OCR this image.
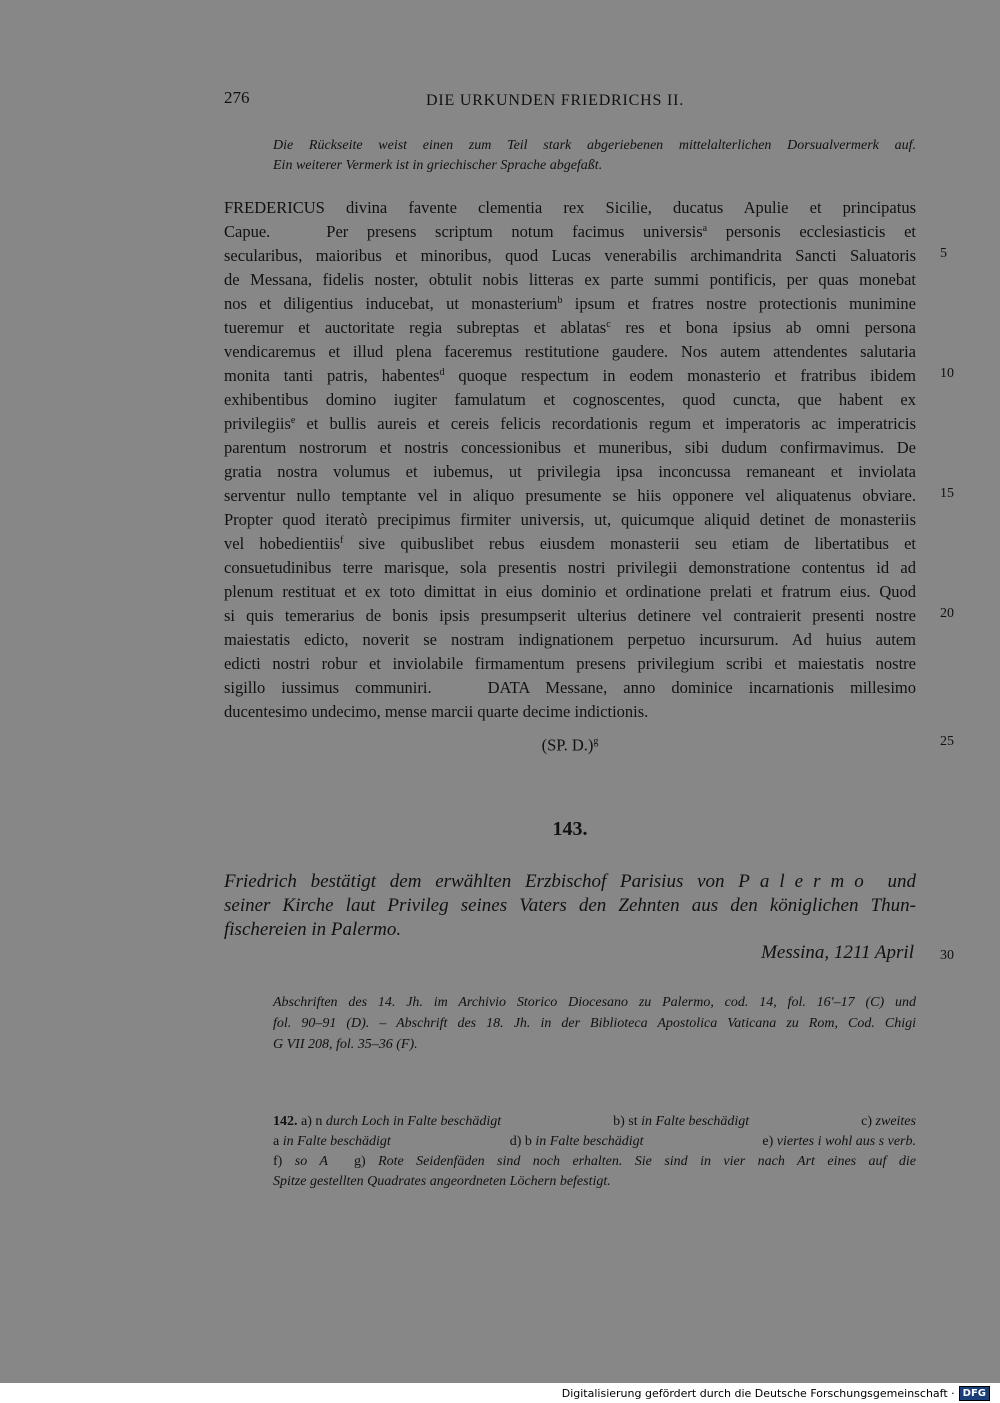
276	DIE URKUNDEN FRIEDRICHS II.
Die Rückseite weist einen zum Teil stark abgeriebenen mittelalterlichen Dorsualvermerk auf.
Ein weiterer Vermerk ist in griechischer Sprache abgefaßt.
FREDERICUS divina favente clementia rex Sicilie, ducatus Apulie et principatus
Capue.	Per presens scriptum notum facimus universis$^a$ personis ecclesiasticis et
secularibus, maioribus et minoribus, quod Lucas venerabilis archimandrita Sancti Saluatoris
de Messana, fidelis noster, obtulit nobis litteras ex parte summi pontificis, per quas monebat
nos et diligentius inducebat, ut monasterium$^b$ ipsum et fratres nostre protectionis munimine
tueremur et auctoritate regia subreptas et ablatas$^c$ res et bona ipsius ab omni persona
vendicaremus et illud plena faceremus restitutione gaudere. Nos autem attendentes salutaria
monita tanti patris, habentes$^d$ quoque respectum in eodem monasterio et fratribus ibidem
exhibentibus domino iugiter famulatum et cognoscentes, quod cuncta, que habent ex
privilegiis$^e$ et bullis aureis et cereis felicis recordationis regum et imperatoris ac imperatricis
parentum nostrorum et nostris concessionibus et muneribus, sibi dudum confirmavimus. De
gratia nostra volumus et iubemus, ut privilegia ipsa inconcussa remaneant et inviolata
serventur nullo temptante vel in aliquo presumente se hiis opponere vel aliquatenus obviare.
Propter quod iteratò precipimus firmiter universis, ut, quicumque aliquid detinet de monasteriis
vel hobedientiis$^f$ sive quibuslibet rebus eiusdem monasterii seu etiam de libertatibus et
consuetudinibus terre marisque, sola presentis nostri privilegii demonstratione contentus id ad
plenum restituat et ex toto dimittat in eius dominio et ordinatione prelati et fratrum eius. Quod
si quis temerarius de bonis ipsis presumpserit ulterius detinere vel contraierit presenti nostre
maiestatis edicto, noverit se nostram indignationem perpetuo incursurum. Ad huius autem
edicti nostri robur et inviolabile firmamentum presens privilegium scribi et maiestatis nostre
sigillo iussimus communiri.	DATA Messane, anno dominice incarnationis millesimo
ducentesimo undecimo, mense marcii quarte decime indictionis.
(SP. D.)$^g$
5
10
15
20
25
30
143.
Friedrich bestätigt dem erwählten Erzbischof Parisius von Palermo und
seiner Kirche laut Privileg seines Vaters den Zehnten aus den königlichen Thun-
fischereien in Palermo.
Messina, 1211 April
Abschriften des 14. Jh. im Archivio Storico Diocesano zu Palermo, cod. 14, fol. 16'–17 (C) und
fol. 90–91 (D). – Abschrift des 18. Jh. in der Biblioteca Apostolica Vaticana zu Rom, Cod. Chigi
G VII 208, fol. 35–36 (F).
142. a) n durch Loch in Falte beschädigt	b) st in Falte beschädigt	c) zweites
a in Falte beschädigt	d) b in Falte beschädigt	e) viertes i wohl aus s verb.
f) so A g) Rote Seidenfäden sind noch erhalten. Sie sind in vier nach Art eines auf die
Spitze gestellten Quadrates angeordneten Löchern befestigt.
Digitalisierung gefördert durch die Deutsche Forschungsgemeinschaft · DFG
